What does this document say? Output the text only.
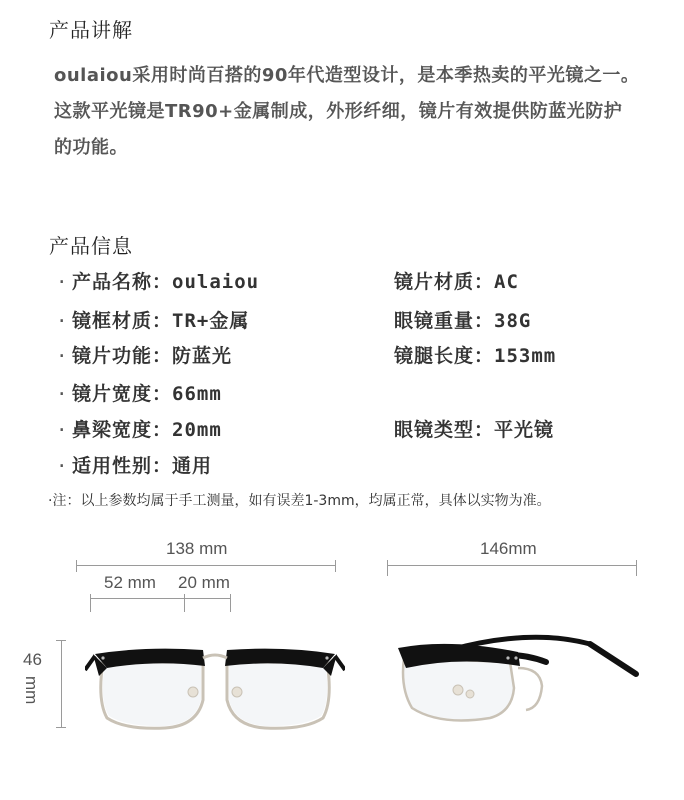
产品讲解

oulaiou采用时尚百搭的90年代造型设计，是本季热卖的平光镜之一。

这款平光镜是TR90+金属制成，外形纤细，镜片有效提供防蓝光防护

的功能。

产品信息
· 产品名称：oulaiou
· 镜框材质：TR+金属
· 镜片功能：防蓝光
· 镜片宽度：66mm
· 鼻梁宽度：20mm
· 适用性别：通用
镜片材质：AC
眼镜重量：38G
镜腿长度：153mm
眼镜类型：平光镜
·注：以上参数均属于手工测量，如有误差1-3mm，均属正常，具体以实物为准。
138 mm
52 mm 20 mm
146mm
46
mm
